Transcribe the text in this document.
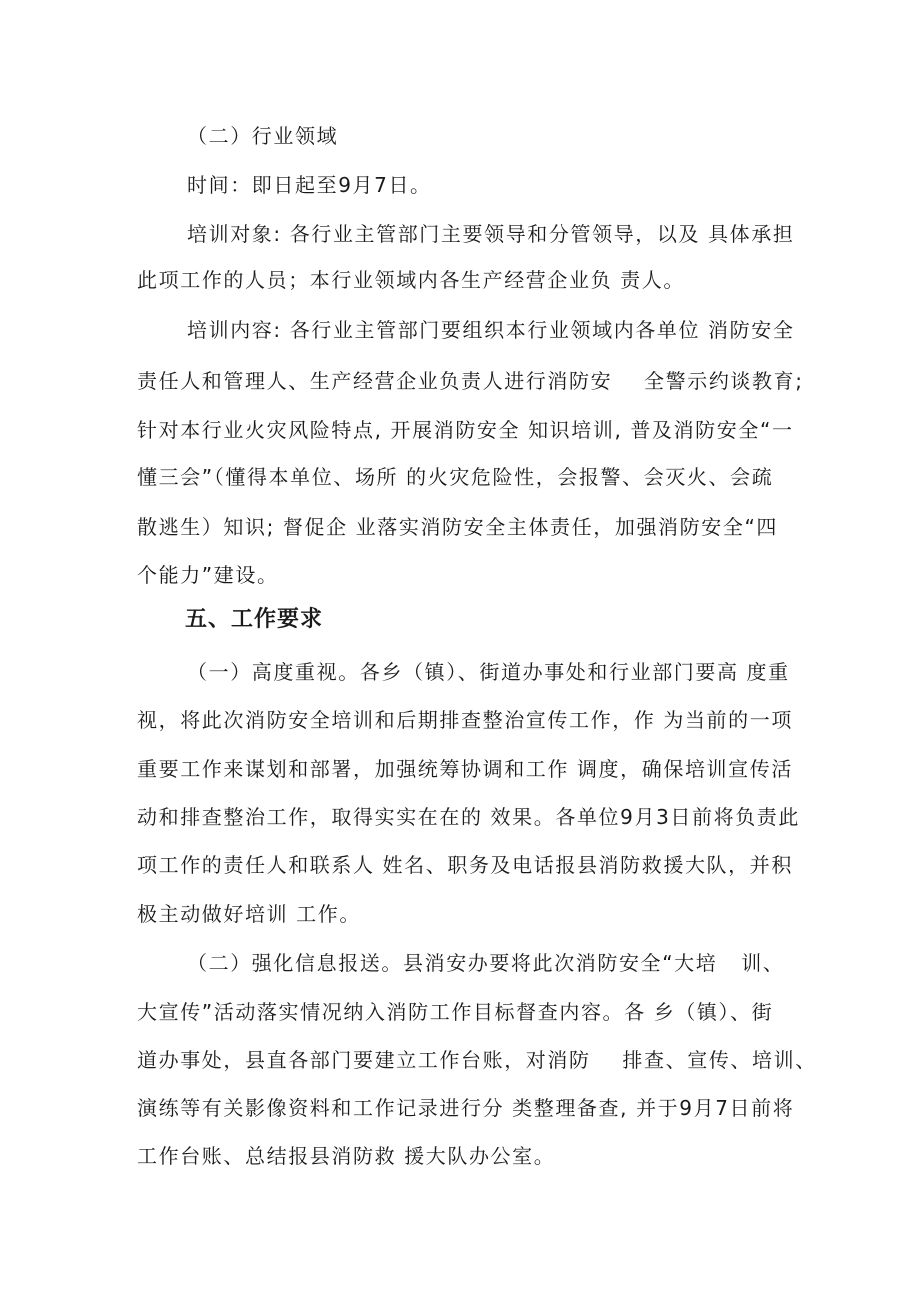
（二）行业领域
时间：即日起至9月7日。
培训对象: 各行业主管部门主要领导和分管领导，以及 具体承担
此项工作的人员；本行业领域内各生产经营企业负 责人。
培训内容: 各行业主管部门要组织本行业领域内各单位 消防安全
责任人和管理人、生产经营企业负责人进行消防安    全警示约谈教育;
针对本行业火灾风险特点, 开展消防安全 知识培训, 普及消防安全“一
懂三会”（懂得本单位、场所 的火灾危险性，会报警、会灭火、会疏
散逃生）知识; 督促企 业落实消防安全主体责任，加强消防安全“四
个能力”建设。
五、工作要求
（一）高度重视。各乡（镇）、街道办事处和行业部门要高 度重
视，将此次消防安全培训和后期排查整治宣传工作，作 为当前的一项
重要工作来谋划和部署，加强统筹协调和工作 调度，确保培训宣传活
动和排查整治工作，取得实实在在的 效果。各单位9月3日前将负责此
项工作的责任人和联系人 姓名、职务及电话报县消防救援大队，并积
极主动做好培训 工作。
（二）强化信息报送。县消安办要将此次消防安全“大培   训、
大宣传”活动落实情况纳入消防工作目标督查内容。各 乡（镇）、街
道办事处，县直各部门要建立工作台账，对消防    排查、宣传、培训、
演练等有关影像资料和工作记录进行分 类整理备查, 并于9月7日前将
工作台账、总结报县消防救 援大队办公室。
